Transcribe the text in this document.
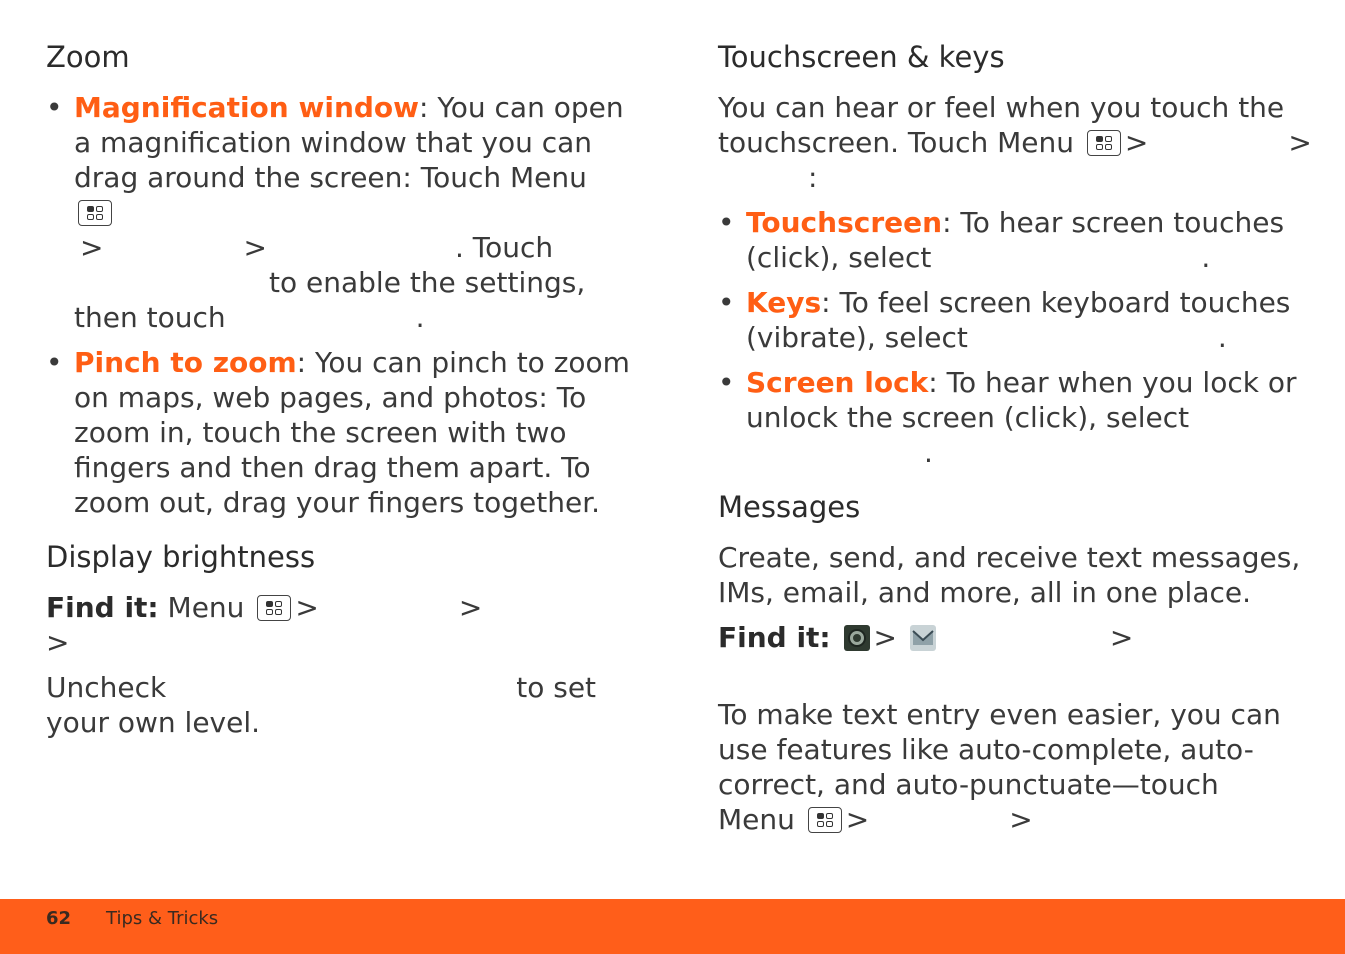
Zoom
• Magnification window: You can open a magnification window that you can drag around the screen: Touch Menu

>	>	. Touch
to enable the settings, then touch	.
• Pinch to zoom: You can pinch to zoom on maps, web pages, and photos: To zoom in, touch the screen with two fingers and then drag them apart. To zoom out, drag your fingers together.
Display brightness

Find it: Menu >	>
>

Uncheck	to set your own level.

Touchscreen & keys

You can hear or feel when you touch the touchscreen. Touch Menu >	>
:

• Touchscreen: To hear screen touches (click), select	.
• Keys: To feel screen keyboard touches (vibrate), select	.
• Screen lock: To hear when you lock or unlock the screen (click), select
.
Messages

Create, send, and receive text messages, IMs, email, and more, all in one place.

Find it: >	>

To make text entry even easier, you can use features like auto-complete, auto-correct, and auto-punctuate—touch
Menu >	>

62 Tips & Tricks
